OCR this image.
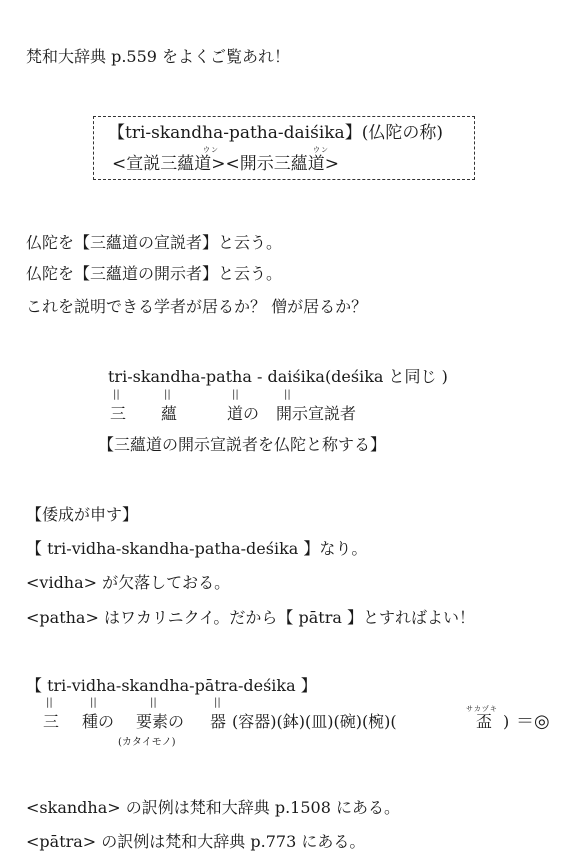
梵和大辞典 p.559 をよくご覧あれ！
【tri-skandha-patha-daiśika】(仏陀の称)
ウン	ウン
<宣説三蘊道><開示三蘊道>
仏陀を【三蘊道の宣説者】と云う。
仏陀を【三蘊道の開示者】と云う。
これを説明できる学者が居るか？ 僧が居るか？
tri-skandha-patha - daiśika(deśika と同じ )
||	||	||	||
三 蘊	道の 開示宣説者
【三蘊道の開示宣説者を仏陀と称する】
【倭成が申す】
【 tri-vidha-skandha-patha-deśika 】なり。
<vidha> が欠落しておる。
<patha> はワカリニクイ。だから【 pātra 】とすればよい！
【 tri-vidha-skandha-pātra-deśika 】
||	||	||	||
三 種の 要素の 器 (容器)(鉢)(皿)(碗)(椀)(
サカヅキ
盃 ) ＝◎
(カタイモノ)
<skandha> の訳例は梵和大辞典 p.1508 にある。
<pātra> の訳例は梵和大辞典 p.773 にある。
